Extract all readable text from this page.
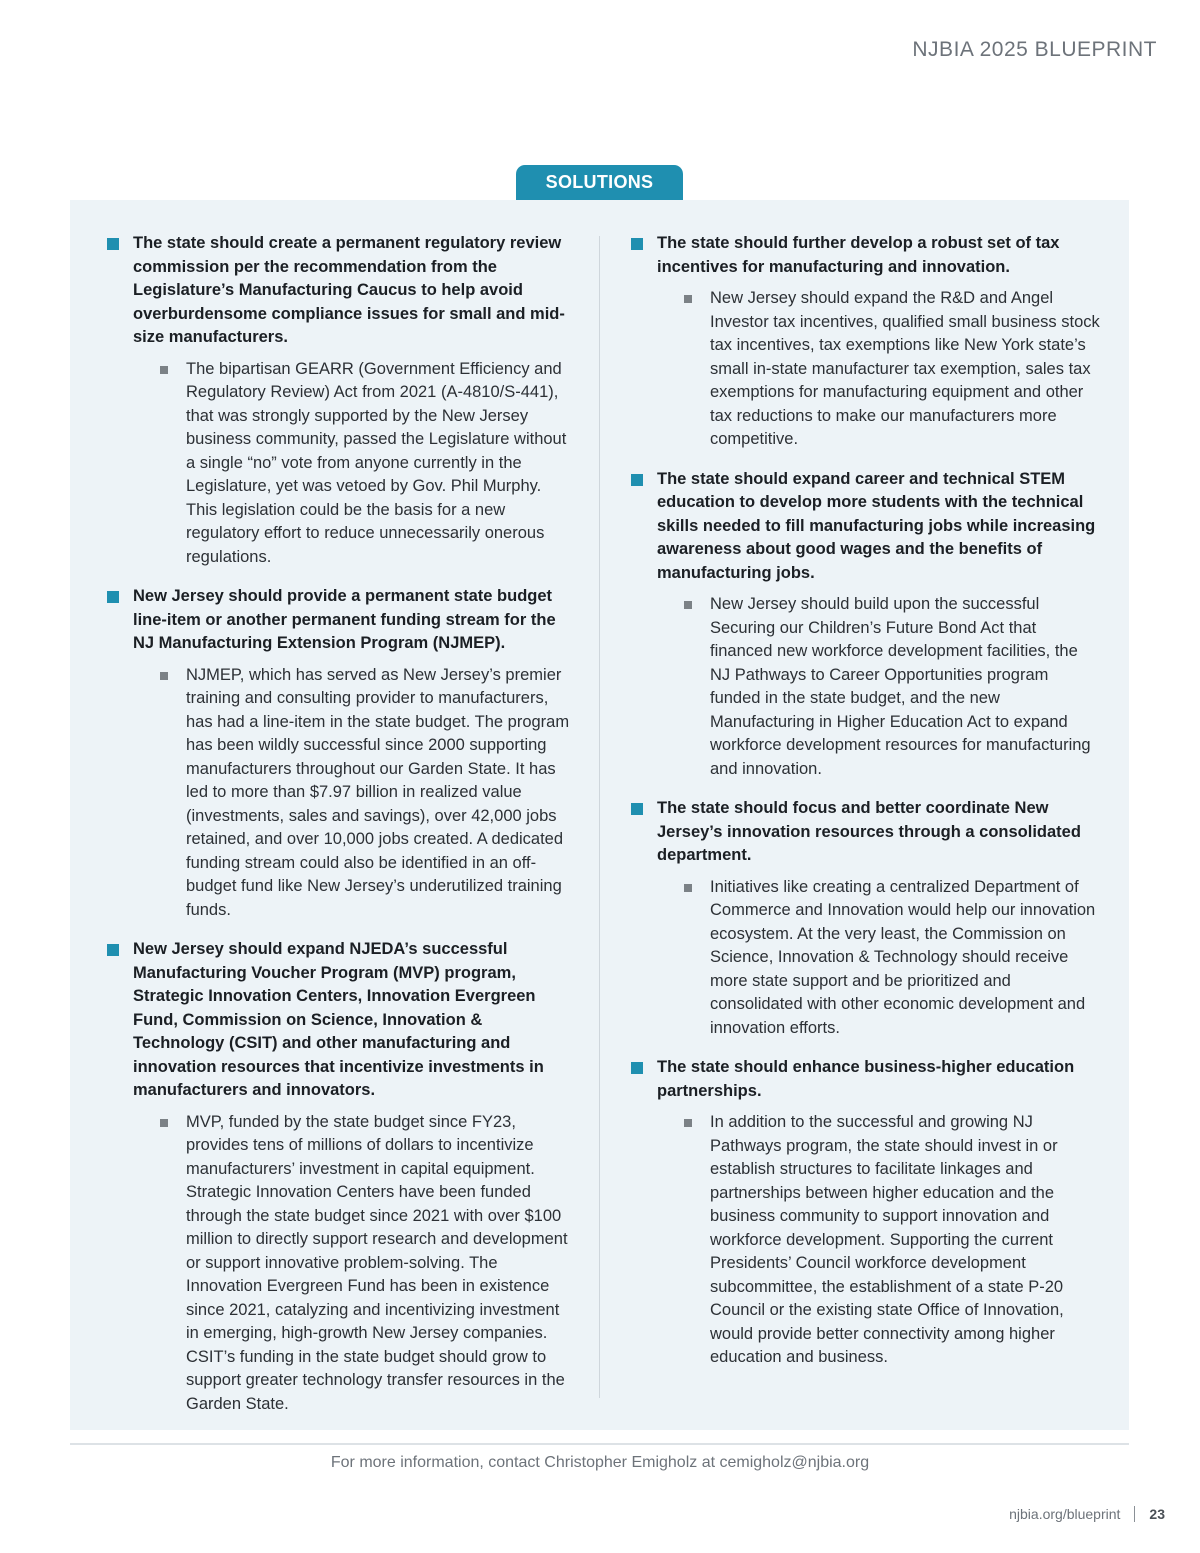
NJBIA 2025 BLUEPRINT
SOLUTIONS
The state should create a permanent regulatory review commission per the recommendation from the Legislature’s Manufacturing Caucus to help avoid overburdensome compliance issues for small and mid-size manufacturers.
The bipartisan GEARR (Government Efficiency and Regulatory Review) Act from 2021 (A-4810/S-441), that was strongly supported by the New Jersey business community, passed the Legislature without a single “no” vote from anyone currently in the Legislature, yet was vetoed by Gov. Phil Murphy. This legislation could be the basis for a new regulatory effort to reduce unnecessarily onerous regulations.
New Jersey should provide a permanent state budget line-item or another permanent funding stream for the NJ Manufacturing Extension Program (NJMEP).
NJMEP, which has served as New Jersey’s premier training and consulting provider to manufacturers, has had a line-item in the state budget. The program has been wildly successful since 2000 supporting manufacturers throughout our Garden State. It has led to more than $7.97 billion in realized value (investments, sales and savings), over 42,000 jobs retained, and over 10,000 jobs created. A dedicated funding stream could also be identified in an off-budget fund like New Jersey’s underutilized training funds.
New Jersey should expand NJEDA’s successful Manufacturing Voucher Program (MVP) program, Strategic Innovation Centers, Innovation Evergreen Fund, Commission on Science, Innovation & Technology (CSIT) and other manufacturing and innovation resources that incentivize investments in manufacturers and innovators.
MVP, funded by the state budget since FY23, provides tens of millions of dollars to incentivize manufacturers’ investment in capital equipment. Strategic Innovation Centers have been funded through the state budget since 2021 with over $100 million to directly support research and development or support innovative problem-solving. The Innovation Evergreen Fund has been in existence since 2021, catalyzing and incentivizing investment in emerging, high-growth New Jersey companies. CSIT’s funding in the state budget should grow to support greater technology transfer resources in the Garden State.
The state should further develop a robust set of tax incentives for manufacturing and innovation.
New Jersey should expand the R&D and Angel Investor tax incentives, qualified small business stock tax incentives, tax exemptions like New York state’s small in-state manufacturer tax exemption, sales tax exemptions for manufacturing equipment and other tax reductions to make our manufacturers more competitive.
The state should expand career and technical STEM education to develop more students with the technical skills needed to fill manufacturing jobs while increasing awareness about good wages and the benefits of manufacturing jobs.
New Jersey should build upon the successful Securing our Children’s Future Bond Act that financed new workforce development facilities, the NJ Pathways to Career Opportunities program funded in the state budget, and the new Manufacturing in Higher Education Act to expand workforce development resources for manufacturing and innovation.
The state should focus and better coordinate New Jersey’s innovation resources through a consolidated department.
Initiatives like creating a centralized Department of Commerce and Innovation would help our innovation ecosystem. At the very least, the Commission on Science, Innovation & Technology should receive more state support and be prioritized and consolidated with other economic development and innovation efforts.
The state should enhance business-higher education partnerships.
In addition to the successful and growing NJ Pathways program, the state should invest in or establish structures to facilitate linkages and partnerships between higher education and the business community to support innovation and workforce development. Supporting the current Presidents’ Council workforce development subcommittee, the establishment of a state P-20 Council or the existing state Office of Innovation, would provide better connectivity among higher education and business.
For more information, contact Christopher Emigholz at cemigholz@njbia.org
njbia.org/blueprint 23
